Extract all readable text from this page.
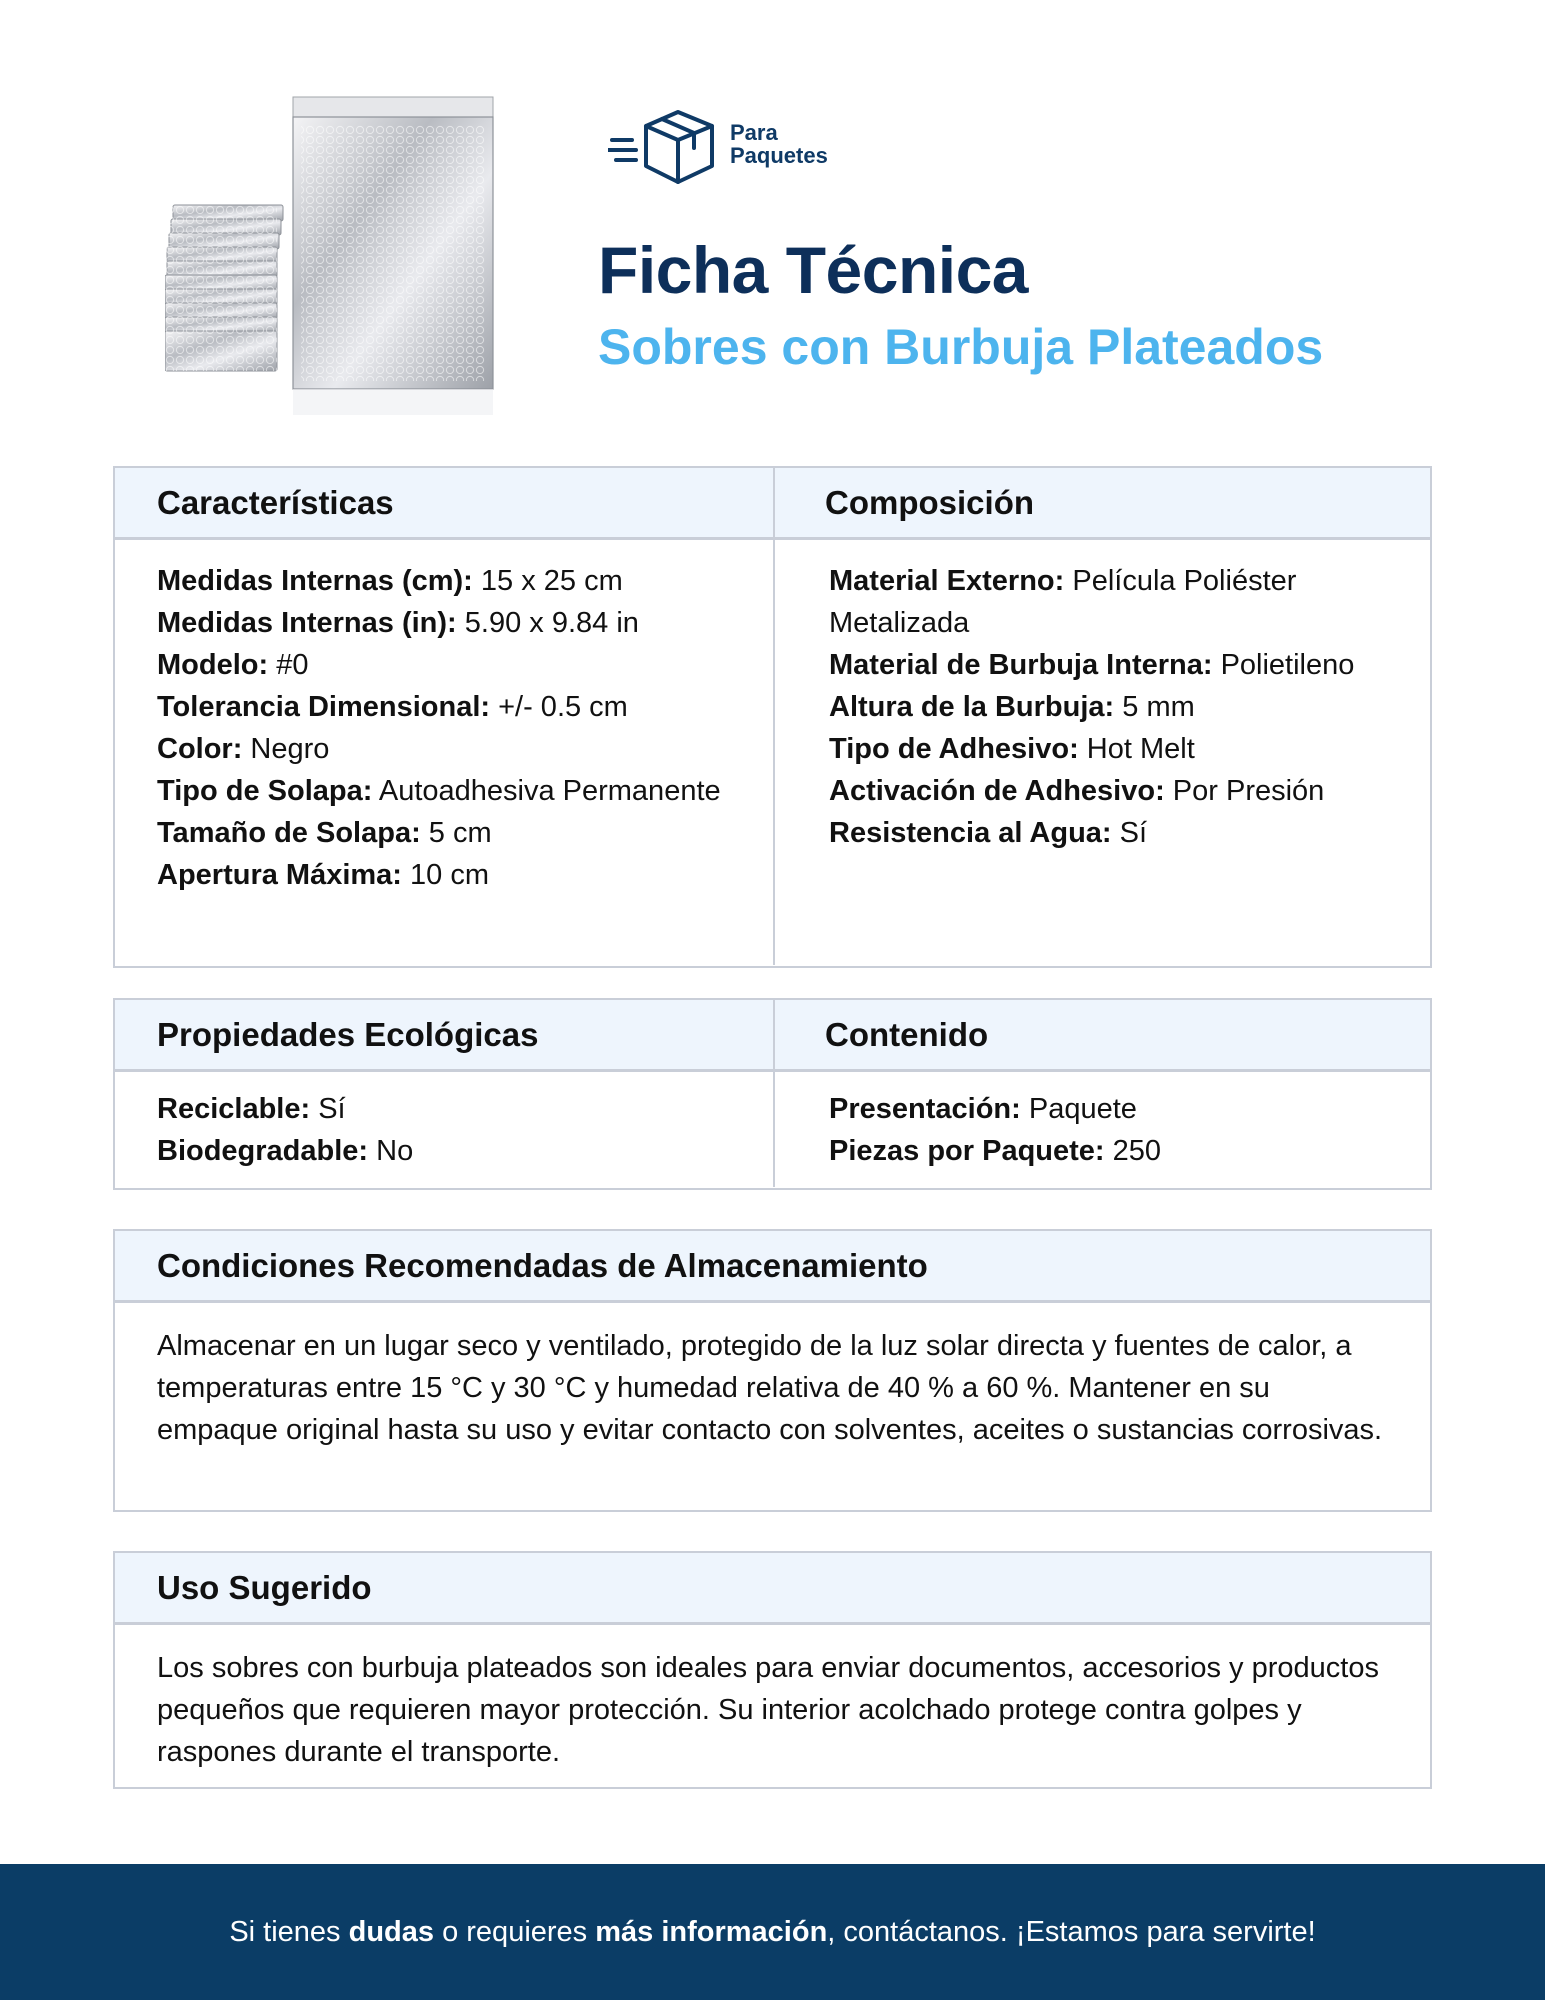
Para
Paquetes
Ficha Técnica
Sobres con Burbuja Plateados
Características	Composición
Medidas Internas (cm): 15 x 25 cm
Medidas Internas (in): 5.90 x 9.84 in
Modelo: #0
Tolerancia Dimensional: +/- 0.5 cm
Color: Negro
Tipo de Solapa: Autoadhesiva Permanente
Tamaño de Solapa: 5 cm
Apertura Máxima: 10 cm
Material Externo: Película Poliéster Metalizada
Material de Burbuja Interna: Polietileno
Altura de la Burbuja: 5 mm
Tipo de Adhesivo: Hot Melt
Activación de Adhesivo: Por Presión
Resistencia al Agua: Sí
Propiedades Ecológicas	Contenido
Reciclable: Sí
Biodegradable: No
Presentación: Paquete
Piezas por Paquete: 250
Condiciones Recomendadas de Almacenamiento
Almacenar en un lugar seco y ventilado, protegido de la luz solar directa y fuentes de calor, a temperaturas entre 15 °C y 30 °C y humedad relativa de 40 % a 60 %. Mantener en su empaque original hasta su uso y evitar contacto con solventes, aceites o sustancias corrosivas.
Uso Sugerido
Los sobres con burbuja plateados son ideales para enviar documentos, accesorios y productos pequeños que requieren mayor protección. Su interior acolchado protege contra golpes y raspones durante el transporte.
Si tienes dudas o requieres más información, contáctanos. ¡Estamos para servirte!
